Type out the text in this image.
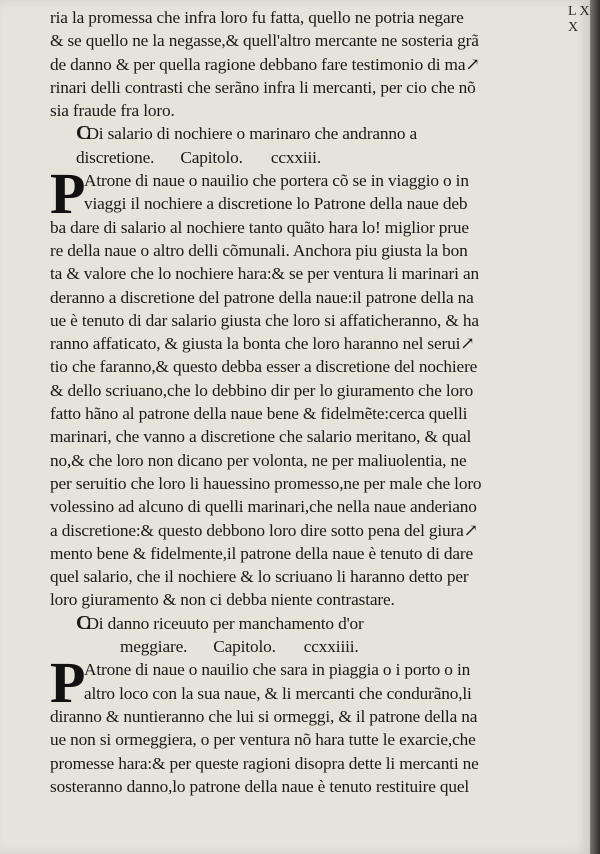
L X X
ria la promessa che infra loro fu fatta, quello ne potria negare
& se quello ne la negasse,& quell'altro mercante ne sosteria grã
de danno & per quella ragione debbano fare testimonio di ma↗
rinari delli contrasti che serãno infra li mercanti, per cio che nõ
sia fraude fra loro.
C Di salario di nochiere o marinaro che andranno a
discretione. Capitolo. ccxxiii.
P
Atrone di naue o nauilio che portera cõ se in viaggio o in
viaggi il nochiere a discretione lo Patrone della naue deb
ba dare di salario al nochiere tanto quãto hara lo! miglior prue
re della naue o altro delli cõmunali. Anchora piu giusta la bon
ta & valore che lo nochiere hara:& se per ventura li marinari an
deranno a discretione del patrone della naue:il patrone della na
ue è tenuto di dar salario giusta che loro si affaticheranno, & ha
ranno affaticato, & giusta la bonta che loro haranno nel serui↗
tio che faranno,& questo debba esser a discretione del nochiere
& dello scriuano,che lo debbino dir per lo giuramento che loro
fatto hãno al patrone della naue bene & fidelmẽte:cerca quelli
marinari, che vanno a discretione che salario meritano, & qual
no,& che loro non dicano per volonta, ne per maliuolentia, ne
per seruitio che loro li hauessino promesso,ne per male che loro
volessino ad alcuno di quelli marinari,che nella naue anderiano
a discretione:& questo debbono loro dire sotto pena del giura↗
mento bene & fidelmente,il patrone della naue è tenuto di dare
quel salario, che il nochiere & lo scriuano li haranno detto per
loro giuramento & non ci debba niente contrastare.
C Di danno riceuuto per manchamento d'or
meggiare. Capitolo. ccxxiiii.
P
Atrone di naue o nauilio che sara in piaggia o i porto o in
altro loco con la sua naue, & li mercanti che condurãno,li
diranno & nuntieranno che lui si ormeggi, & il patrone della na
ue non si ormeggiera, o per ventura nõ hara tutte le exarcie,che
promesse hara:& per queste ragioni disopra dette li mercanti ne
sosteranno danno,lo patrone della naue è tenuto restituire quel
